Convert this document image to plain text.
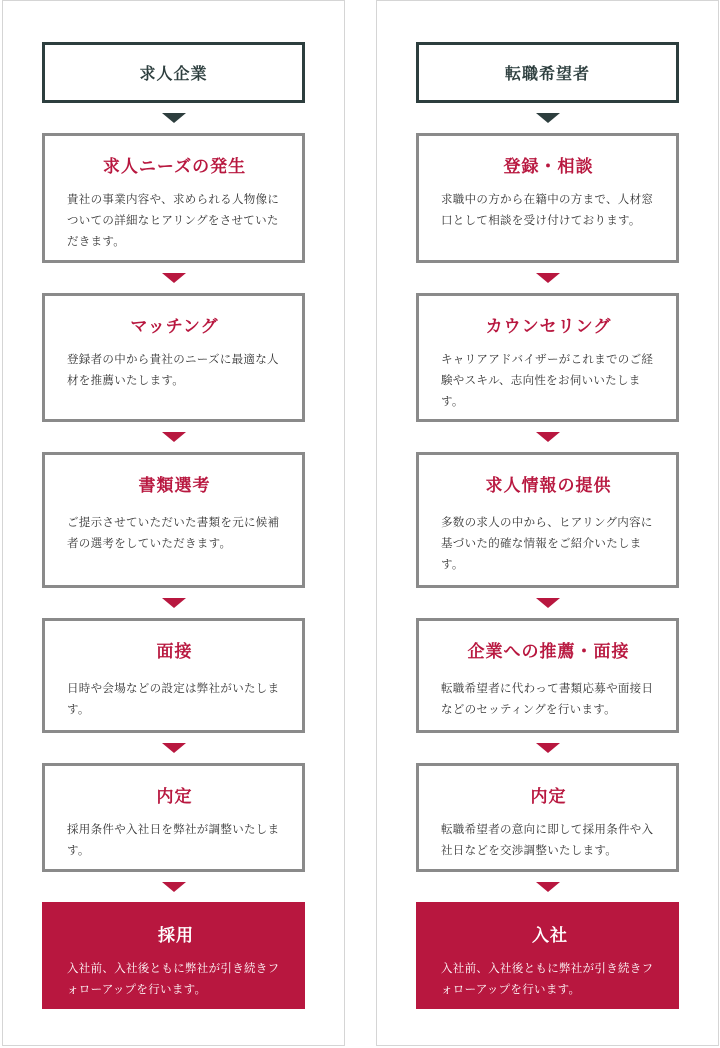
求人企業

求人ニーズの発生

貴社の事業内容や、求められる人物像についての詳細なヒアリングをさせていただきます。

マッチング

登録者の中から貴社のニーズに最適な人材を推薦いたします。

書類選考

ご提示させていただいた書類を元に候補者の選考をしていただきます。

面接

日時や会場などの設定は弊社がいたします。

内定

採用条件や入社日を弊社が調整いたします。

採用

入社前、入社後ともに弊社が引き続きフォローアップを行います。

転職希望者

登録・相談

求職中の方から在籍中の方まで、人材窓口として相談を受け付けております。

カウンセリング

キャリアアドバイザーがこれまでのご経験やスキル、志向性をお伺いいたします。

求人情報の提供

多数の求人の中から、ヒアリング内容に基づいた的確な情報をご紹介いたします。

企業への推薦・面接

転職希望者に代わって書類応募や面接日などのセッティングを行います。

内定

転職希望者の意向に即して採用条件や入社日などを交渉調整いたします。

入社

入社前、入社後ともに弊社が引き続きフォローアップを行います。
